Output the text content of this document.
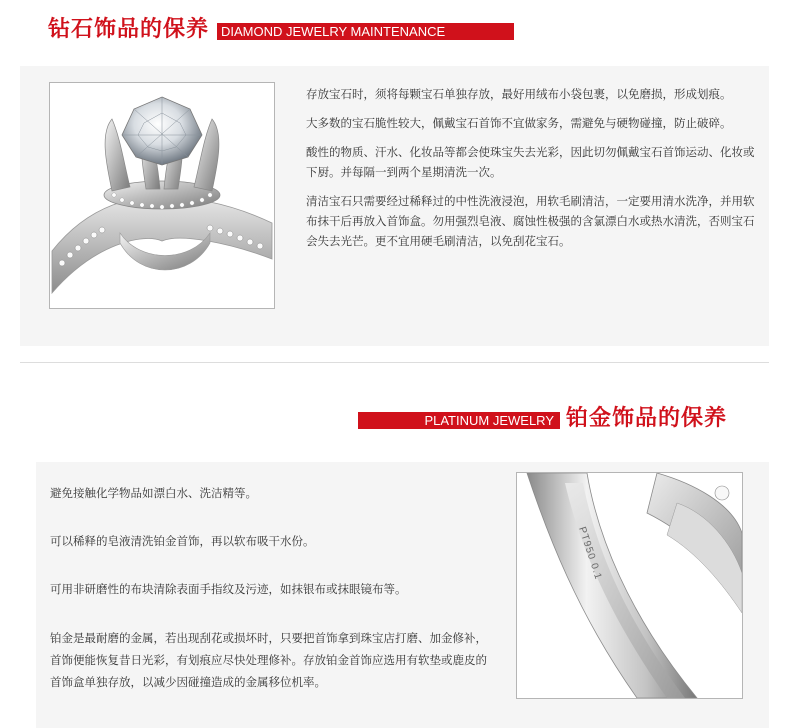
钻石饰品的保养 DIAMOND JEWELRY MAINTENANCE

存放宝石时，须将每颗宝石单独存放，最好用绒布小袋包裹，以免磨损，形成划痕。

大多数的宝石脆性较大，佩戴宝石首饰不宜做家务，需避免与硬物碰撞，防止破碎。

酸性的物质、汗水、化妆品等都会使珠宝失去光彩，因此切勿佩戴宝石首饰运动、化妆或下厨。并每隔一到两个星期清洗一次。

清洁宝石只需要经过稀释过的中性洗液浸泡，用软毛刷清洁，一定要用清水洗净，并用软布抹干后再放入首饰盒。勿用强烈皂液、腐蚀性极强的含氯漂白水或热水清洗，否则宝石会失去光芒。更不宜用硬毛刷清洁，以免刮花宝石。

PLATINUM JEWELRY 铂金饰品的保养

避免接触化学物品如漂白水、洗洁精等。

可以稀释的皂液清洗铂金首饰，再以软布吸干水份。

可用非研磨性的布块清除表面手指纹及污迹，如抹银布或抹眼镜布等。

铂金是最耐磨的金属，若出现刮花或损坏时，只要把首饰拿到珠宝店打磨、加金修补，　　首饰便能恢复昔日光彩，有划痕应尽快处理修补。存放铂金首饰应选用有软垫或鹿皮的　 首饰盒单独存放，以减少因碰撞造成的金属移位机率。

PT950 0.1
